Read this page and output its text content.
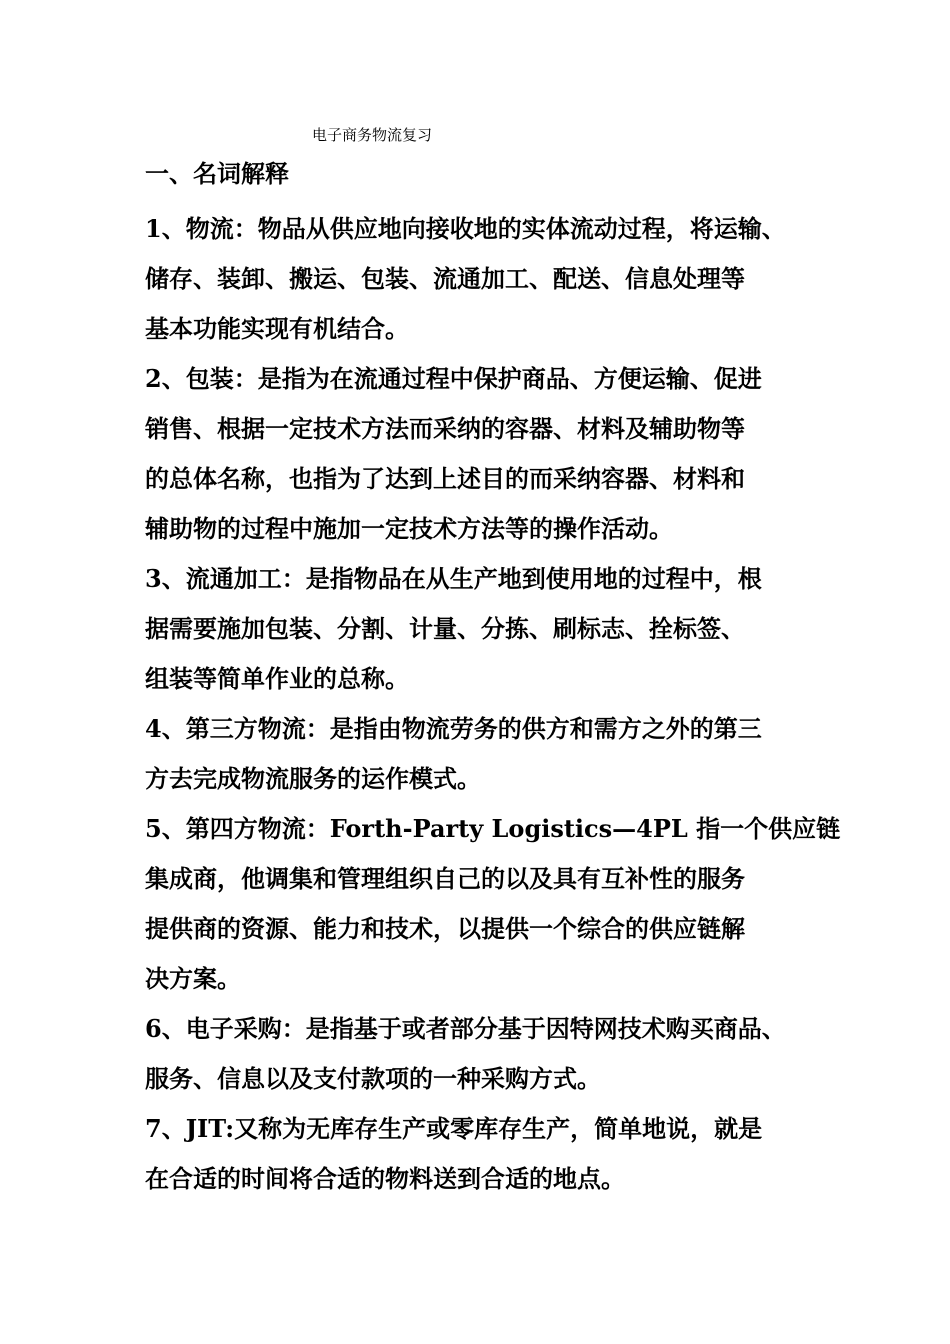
电子商务物流复习
一、名词解释
1、物流：物品从供应地向接收地的实体流动过程，将运输、
储存、装卸、搬运、包装、流通加工、配送、信息处理等
基本功能实现有机结合。
2、包装：是指为在流通过程中保护商品、方便运输、促进
销售、根据一定技术方法而采纳的容器、材料及辅助物等
的总体名称，也指为了达到上述目的而采纳容器、材料和
辅助物的过程中施加一定技术方法等的操作活动。
3、流通加工：是指物品在从生产地到使用地的过程中，根
据需要施加包装、分割、计量、分拣、刷标志、拴标签、
组装等简单作业的总称。
4、第三方物流：是指由物流劳务的供方和需方之外的第三
方去完成物流服务的运作模式。
5、第四方物流：Forth-Party Logistics—4PL 指一个供应链
集成商，他调集和管理组织自己的以及具有互补性的服务
提供商的资源、能力和技术，以提供一个综合的供应链解
决方案。
6、电子采购：是指基于或者部分基于因特网技术购买商品、
服务、信息以及支付款项的一种采购方式。
7、JIT:又称为无库存生产或零库存生产，简单地说，就是
在合适的时间将合适的物料送到合适的地点。
